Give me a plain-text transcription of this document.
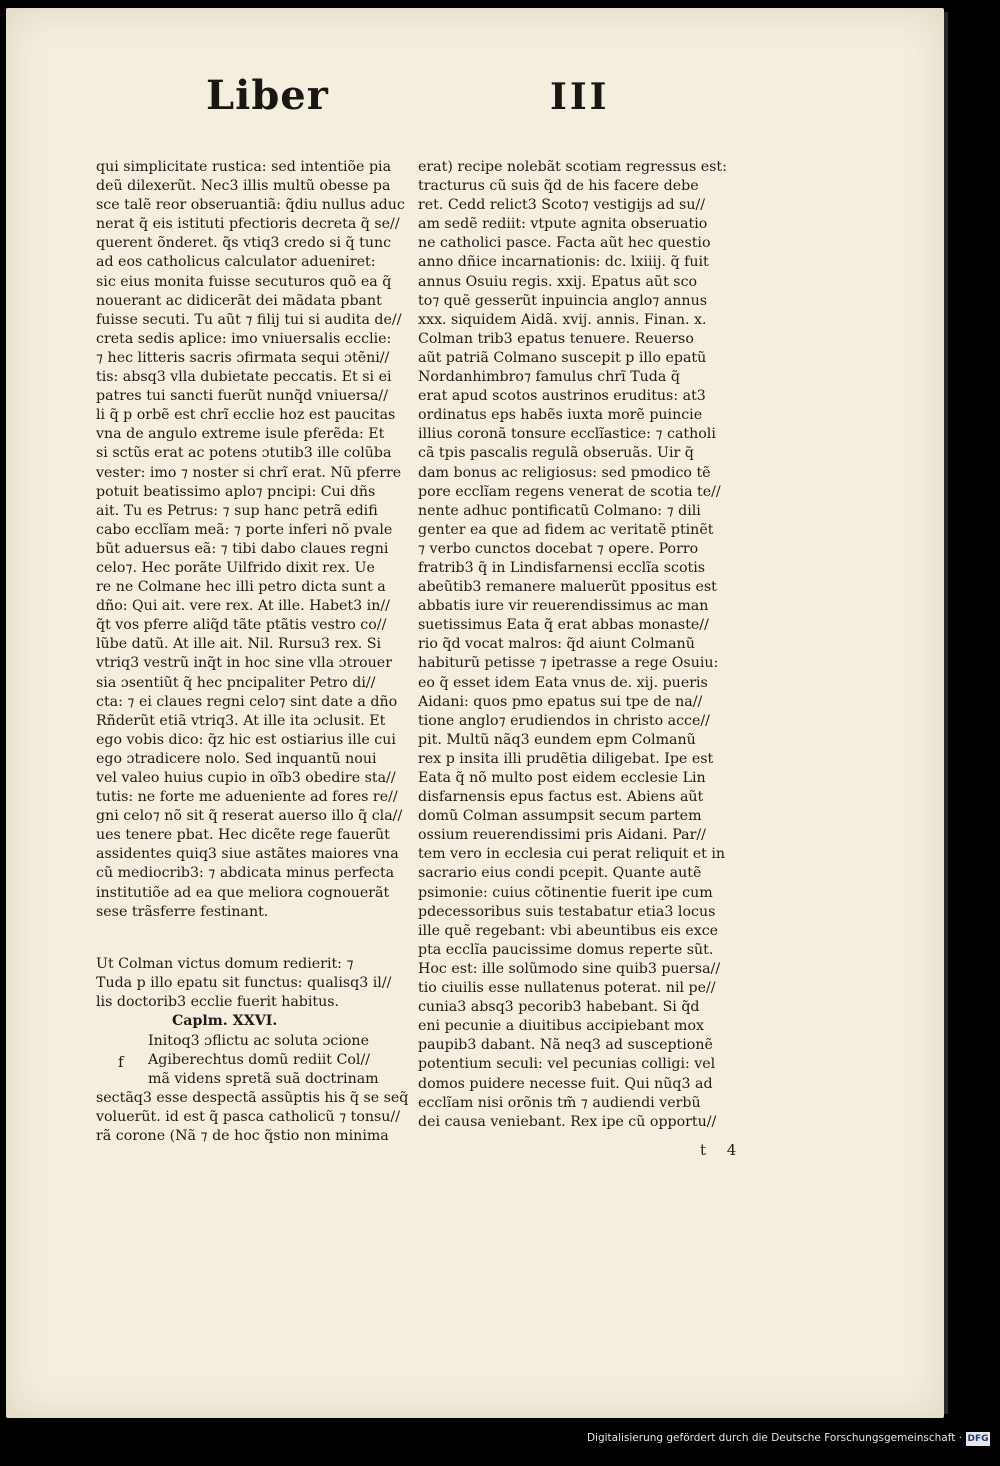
Liber	III
qui simplicitate rustica: sed intentiõe pia
deũ dilexerũt. Nec3 illis multũ obesse pa
sce talẽ reor obseruantiã: q̃diu nullus aduc
nerat q̃ eis istituti pfectioris decreta q̃ se//
querent õnderet. q̃s vtiq3 credo si q̃ tunc
ad eos catholicus calculator adueniret:
sic eius monita fuisse secuturos quõ ea q̃
nouerant ac didicerãt dei mãdata pbant
fuisse secuti. Tu aũt ⁊ filij tui si audita de//
creta sedis aplice: imo vniuersalis ecclie:
⁊ hec litteris sacris ɔfirmata sequi ɔtẽni//
tis: absq3 vlla dubietate peccatis. Et si ei
patres tui sancti fuerũt nunq̃d vniuersa//
li q̃ p orbẽ est chrĩ ecclie hoz est paucitas
vna de angulo extreme isule pferẽda: Et
si sctũs erat ac potens ɔtutib3 ille colũba
vester: imo ⁊ noster si chrĩ erat. Nũ pferre
potuit beatissimo aplo⁊ pncipi: Cui dñs
ait. Tu es Petrus: ⁊ sup hanc petrã edifi
cabo ecclĩam meã: ⁊ porte inferi nõ pvale
bũt aduersus eã: ⁊ tibi dabo claues regni
celo⁊. Hec porãte Uilfrido dixit rex. Ue
re ne Colmane hec illi petro dicta sunt a
dño: Qui ait. vere rex. At ille. Habet3 in//
q̃t vos pferre aliq̃d tãte ptãtis vestro co//
lũbe datũ. At ille ait. Nil. Rursu3 rex. Si
vtriq3 vestrũ inq̃t in hoc sine vlla ɔtrouer
sia ɔsentiũt q̃ hec pncipaliter Petro di//
cta: ⁊ ei claues regni celo⁊ sint date a dño
Rñderũt etiã vtriq3. At ille ita ɔclusit. Et
ego vobis dico: q̃z hic est ostiarius ille cui
ego ɔtradicere nolo. Sed inquantũ noui
vel valeo huius cupio in oĩb3 obedire sta//
tutis: ne forte me adueniente ad fores re//
gni celo⁊ nõ sit q̃ reserat auerso illo q̃ cla//
ues tenere pbat. Hec dicẽte rege fauerũt
assidentes quiq3 siue astãtes maiores vna
cũ mediocrib3: ⁊ abdicata minus perfecta
institutiõe ad ea que meliora cognouerãt
sese trãsferre festinant.
Ut Colman victus domum redierit: ⁊
Tuda p illo epatu sit functus: qualisq3 il//
lis doctorib3 ecclie fuerit habitus.
Caplm. XXVI.
f
Initoq3 ɔflictu ac soluta ɔcione
Agiberechtus domũ rediit Col//
mã videns spretã suã doctrinam
sectãq3 esse despectã assũptis his q̃ se seq̃
voluerũt. id est q̃ pasca catholicũ ⁊ tonsu//
rã corone (Nã ⁊ de hoc q̃stio non minima
erat) recipe nolebãt scotiam regressus est:
tracturus cũ suis q̃d de his facere debe
ret. Cedd relict3 Scoto⁊ vestigijs ad su//
am sedẽ rediit: vtpute agnita obseruatio
ne catholici pasce. Facta aũt hec questio
anno dñice incarnationis: dc. lxiiij. q̃ fuit
annus Osuiu regis. xxij. Epatus aũt sco
to⁊ quẽ gesserũt inpuincia anglo⁊ annus
xxx. siquidem Aidã. xvij. annis. Finan. x.
Colman trib3 epatus tenuere. Reuerso
aũt patriã Colmano suscepit p illo epatũ
Nordanhimbro⁊ famulus chrĩ Tuda q̃
erat apud scotos austrinos eruditus: at3
ordinatus eps habẽs iuxta morẽ puincie
illius coronã tonsure ecclĩastice: ⁊ catholi
cã tpis pascalis regulã obseruãs. Uir q̃
dam bonus ac religiosus: sed pmodico tẽ
pore ecclĩam regens venerat de scotia te//
nente adhuc pontificatũ Colmano: ⁊ dili
genter ea que ad fidem ac veritatẽ ptinẽt
⁊ verbo cunctos docebat ⁊ opere. Porro
fratrib3 q̃ in Lindisfarnensi ecclĩa scotis
abeũtib3 remanere maluerũt ppositus est
abbatis iure vir reuerendissimus ac man
suetissimus Eata q̃ erat abbas monaste//
rio q̃d vocat malros: q̃d aiunt Colmanũ
habiturũ petisse ⁊ ipetrasse a rege Osuiu:
eo q̃ esset idem Eata vnus de. xij. pueris
Aidani: quos pmo epatus sui tpe de na//
tione anglo⁊ erudiendos in christo acce//
pit. Multũ nãq3 eundem epm Colmanũ
rex p insita illi prudẽtia diligebat. Ipe est
Eata q̃ nõ multo post eidem ecclesie Lin
disfarnensis epus factus est. Abiens aũt
domũ Colman assumpsit secum partem
ossium reuerendissimi pris Aidani. Par//
tem vero in ecclesia cui perat reliquit et in
sacrario eius condi pcepit. Quante autẽ
psimonie: cuius cõtinentie fuerit ipe cum
pdecessoribus suis testabatur etia3 locus
ille quẽ regebant: vbi abeuntibus eis exce
pta ecclĩa paucissime domus reperte sũt.
Hoc est: ille solũmodo sine quib3 puersa//
tio ciuilis esse nullatenus poterat. nil pe//
cunia3 absq3 pecorib3 habebant. Si q̃d
eni pecunie a diuitibus accipiebant mox
paupib3 dabant. Nã neq3 ad susceptionẽ
potentium seculi: vel pecunias colligi: vel
domos puidere necesse fuit. Qui nũq3 ad
ecclĩam nisi orõnis tm̃ ⁊ audiendi verbũ
dei causa veniebant. Rex ipe cũ opportu//
t 4
Digitalisierung gefördert durch die Deutsche Forschungsgemeinschaft · DFG
